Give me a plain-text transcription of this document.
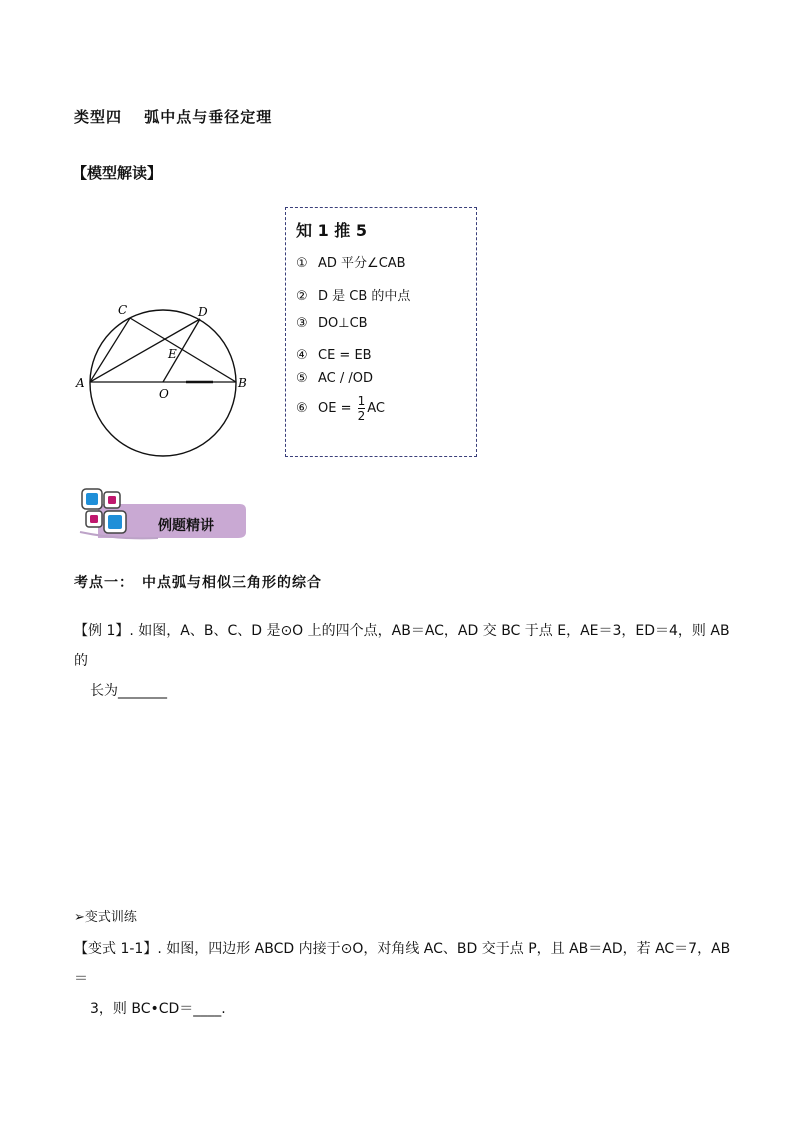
类型四　 弧中点与垂径定理
【模型解读】
A	B
C	D
E
O
知 1 推 5
① AD 平分∠CAB
② D 是 CB 的中点
③ DO⊥CB
④ CE = EB
⑤ AC / /OD
⑥ OE = $\frac{1}{2}$ AC
例题精讲
考点一：　中点弧与相似三角形的综合
【例 1】. 如图，A、B、C、D 是⊙O 上的四个点，AB＝AC，AD 交 BC 于点 E，AE＝3，ED＝4，则 AB 的
长为_______
➢变式训练
【变式 1-1】. 如图，四边形 ABCD 内接于⊙O，对角线 AC、BD 交于点 P，且 AB＝AD，若 AC＝7，AB＝
3，则 BC•CD＝____.
